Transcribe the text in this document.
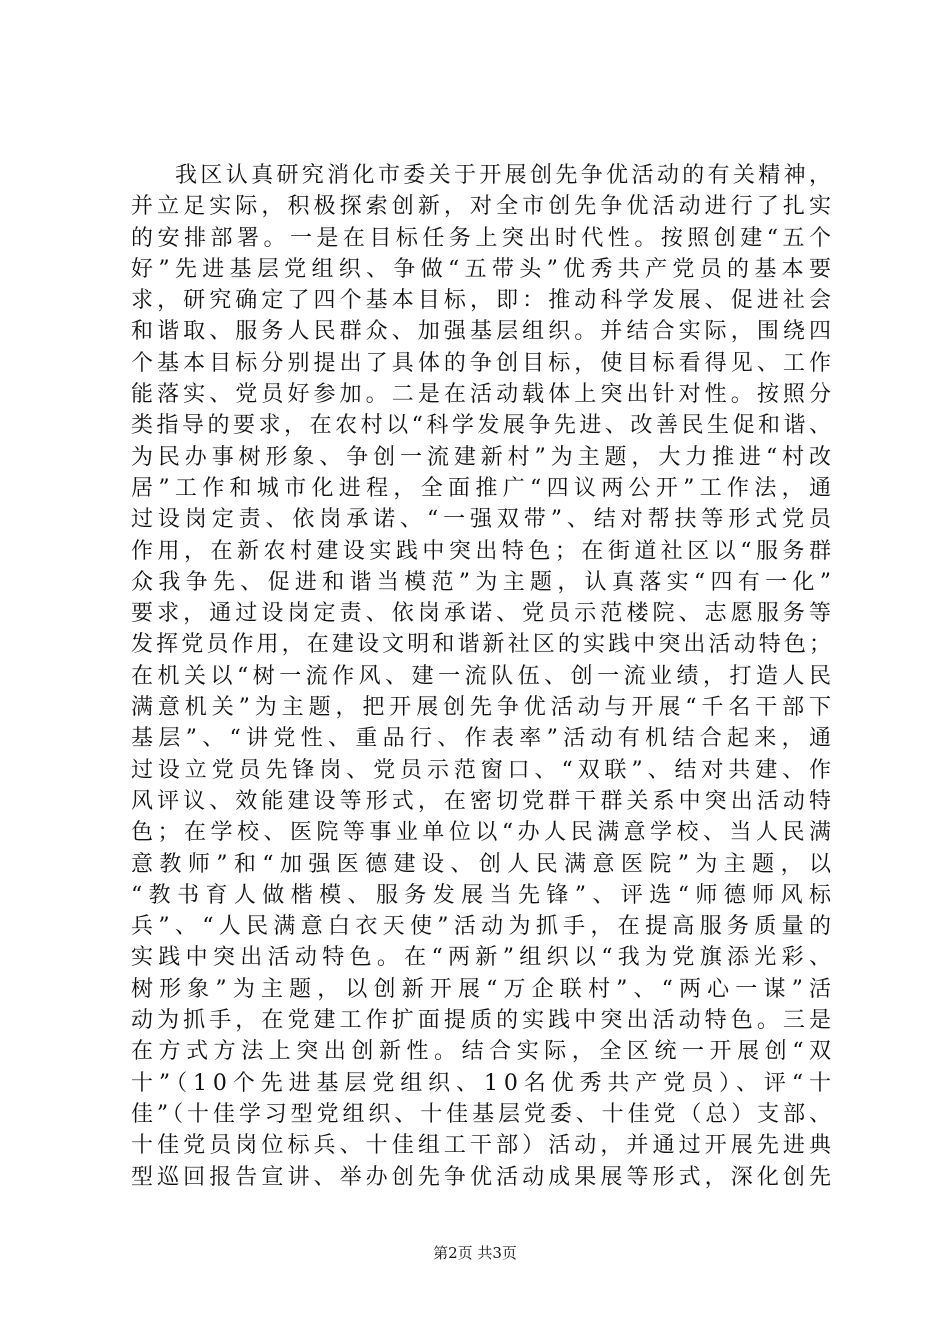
我区认真研究消化市委关于开展创先争优活动的有关精神，
并立足实际，积极探索创新，对全市创先争优活动进行了扎实
的安排部署。一是在目标任务上突出时代性。按照创建“五个
好”先进基层党组织、争做“五带头”优秀共产党员的基本要
求，研究确定了四个基本目标，即：推动科学发展、促进社会
和谐取、服务人民群众、加强基层组织。并结合实际，围绕四
个基本目标分别提出了具体的争创目标，使目标看得见、工作
能落实、党员好参加。二是在活动载体上突出针对性。按照分
类指导的要求，在农村以“科学发展争先进、改善民生促和谐、
为民办事树形象、争创一流建新村”为主题，大力推进“村改
居”工作和城市化进程，全面推广“四议两公开”工作法，通
过设岗定责、依岗承诺、“一强双带”、结对帮扶等形式党员
作用，在新农村建设实践中突出特色；在街道社区以“服务群
众我争先、促进和谐当模范”为主题，认真落实“四有一化”
要求，通过设岗定责、依岗承诺、党员示范楼院、志愿服务等
发挥党员作用，在建设文明和谐新社区的实践中突出活动特色；
在机关以“树一流作风、建一流队伍、创一流业绩，打造人民
满意机关”为主题，把开展创先争优活动与开展“千名干部下
基层”、“讲党性、重品行、作表率”活动有机结合起来，通
过设立党员先锋岗、党员示范窗口、“双联”、结对共建、作
风评议、效能建设等形式，在密切党群干群关系中突出活动特
色；在学校、医院等事业单位以“办人民满意学校、当人民满
意教师”和“加强医德建设、创人民满意医院”为主题，以
“教书育人做楷模、服务发展当先锋”、评选“师德师风标
兵”、“人民满意白衣天使”活动为抓手，在提高服务质量的
实践中突出活动特色。在“两新”组织以“我为党旗添光彩、
树形象”为主题，以创新开展“万企联村”、“两心一谋”活
动为抓手，在党建工作扩面提质的实践中突出活动特色。三是
在方式方法上突出创新性。结合实际，全区统一开展创“双
十”（10个先进基层党组织、10名优秀共产党员）、评“十
佳”（十佳学习型党组织、十佳基层党委、十佳党（总）支部、
十佳党员岗位标兵、十佳组工干部）活动，并通过开展先进典
型巡回报告宣讲、举办创先争优活动成果展等形式，深化创先
第2页 共3页
